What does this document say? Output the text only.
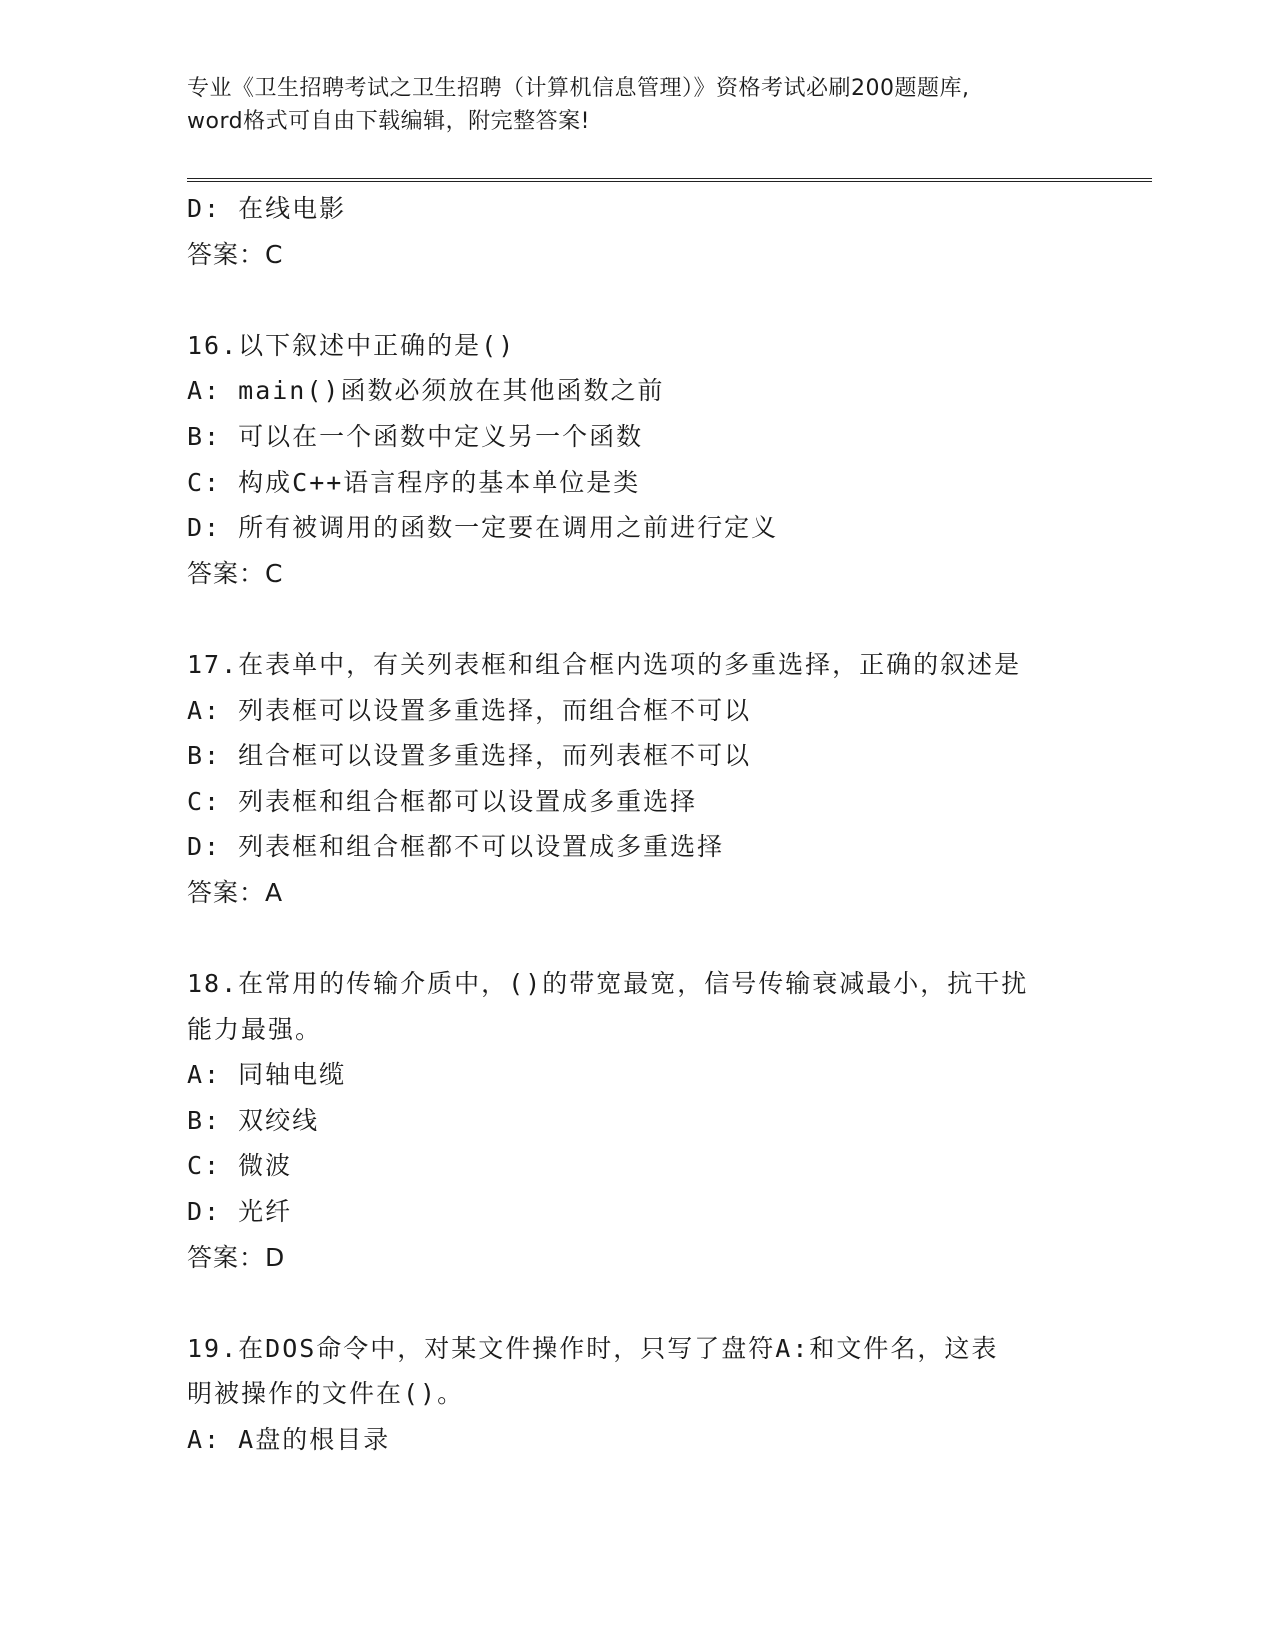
专业《卫生招聘考试之卫生招聘（计算机信息管理）》资格考试必刷200题题库,
word格式可自由下载编辑，附完整答案!
D: 在线电影
答案：C
16.以下叙述中正确的是()
A: main()函数必须放在其他函数之前
B: 可以在一个函数中定义另一个函数
C: 构成C++语言程序的基本单位是类
D: 所有被调用的函数一定要在调用之前进行定义
答案：C
17.在表单中，有关列表框和组合框内选项的多重选择，正确的叙述是
A: 列表框可以设置多重选择，而组合框不可以
B: 组合框可以设置多重选择，而列表框不可以
C: 列表框和组合框都可以设置成多重选择
D: 列表框和组合框都不可以设置成多重选择
答案：A
18.在常用的传输介质中，()的带宽最宽，信号传输衰减最小，抗干扰
能力最强。
A: 同轴电缆
B: 双绞线
C: 微波
D: 光纤
答案：D
19.在DOS命令中，对某文件操作时，只写了盘符A:和文件名，这表
明被操作的文件在()。
A: A盘的根目录
